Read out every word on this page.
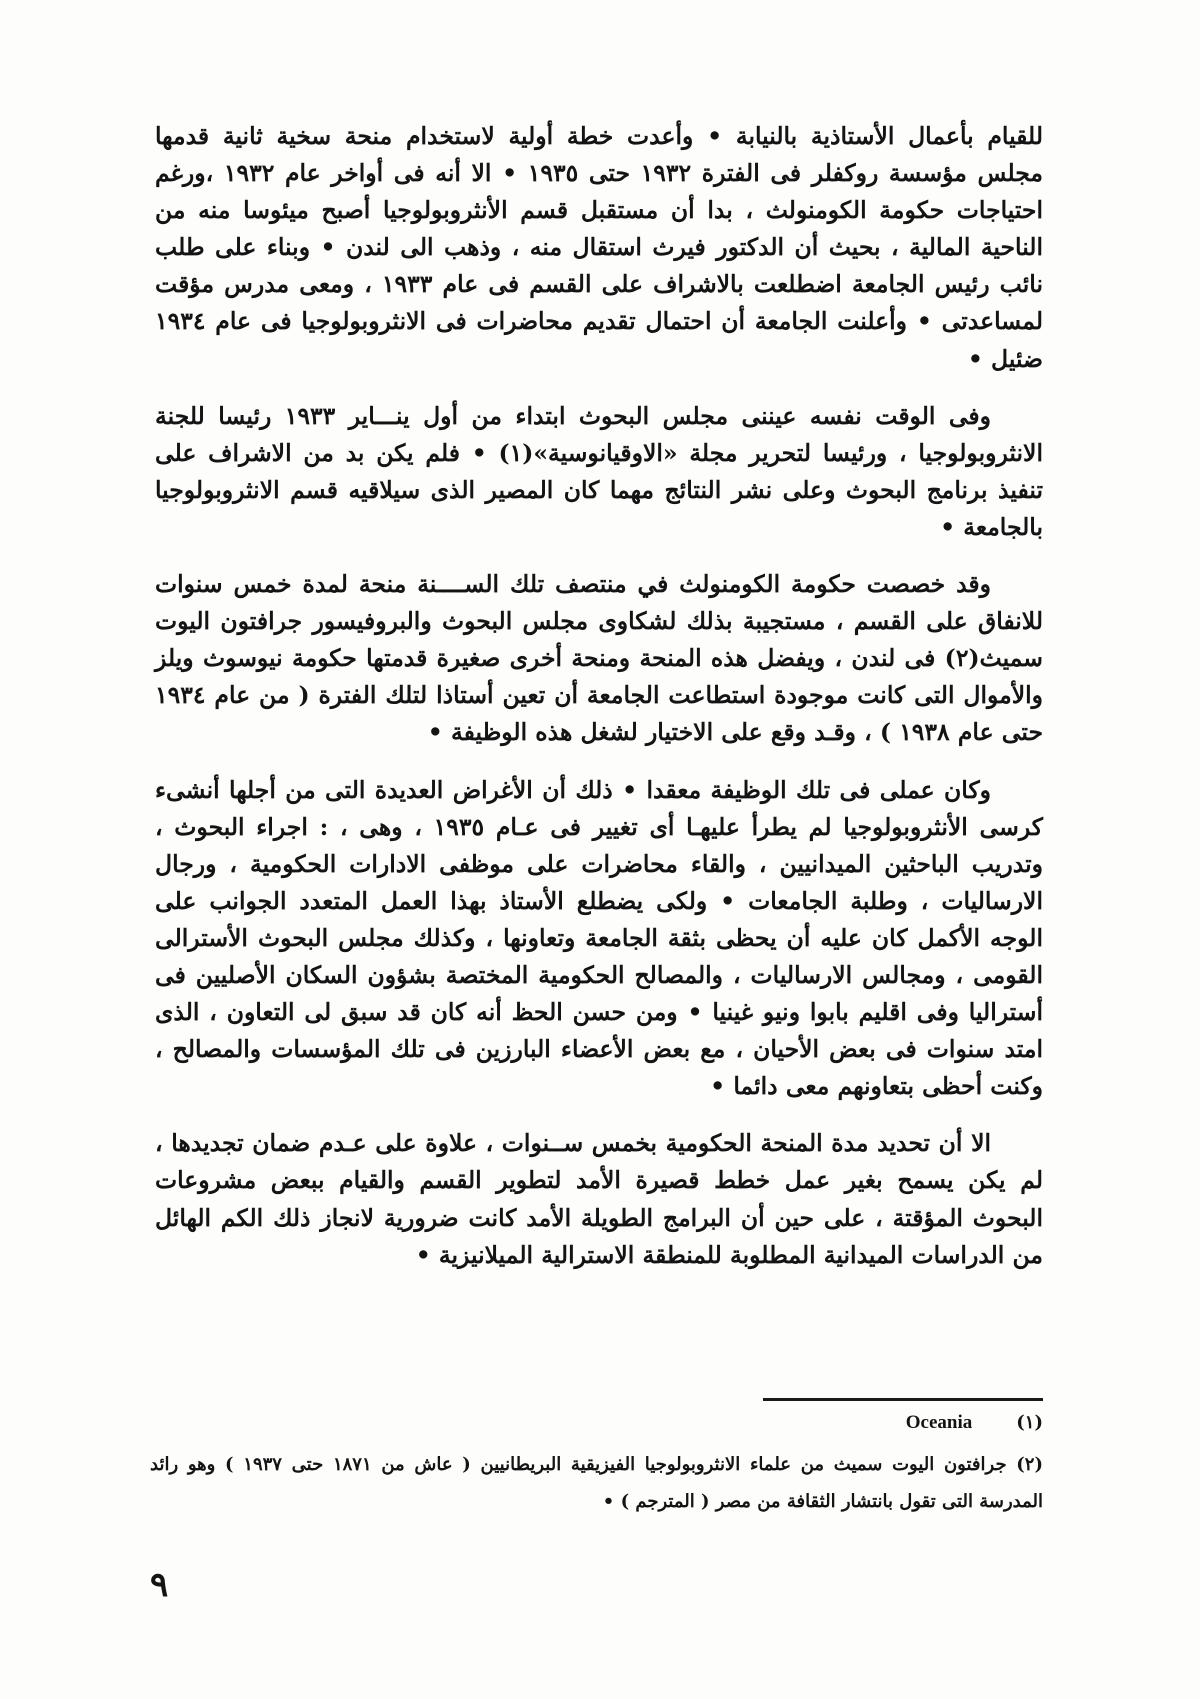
للقيام بأعمال الأستاذية بالنيابة • وأعدت خطة أولية لاستخدام منحة سخية ثانية قدمها مجلس مؤسسة روكفلر فى الفترة ١٩٣٢ حتى ١٩٣٥ • الا أنه فى أواخر عام ١٩٣٢ ،ورغم احتياجات حكومة الكومنولث ، بدا أن مستقبل قسم الأنثروبولوجيا أصبح ميئوسا منه من الناحية المالية ، بحيث أن الدكتور فيرث استقال منه ، وذهب الى لندن • وبناء على طلب نائب رئيس الجامعة اضطلعت بالاشراف على القسم فى عام ١٩٣٣ ، ومعى مدرس مؤقت لمساعدتى • وأعلنت الجامعة أن احتمال تقديم محاضرات فى الانثروبولوجيا فى عام ١٩٣٤ ضئيل •

وفى الوقت نفسه عيننى مجلس البحوث ابتداء من أول ينـــاير ١٩٣٣ رئيسا للجنة الانثروبولوجيا ، ورئيسا لتحرير مجلة «الاوقيانوسية»(١) • فلم يكن بد من الاشراف على تنفيذ برنامج البحوث وعلى نشر النتائج مهما كان المصير الذى سيلاقيه قسم الانثروبولوجيا بالجامعة •

وقد خصصت حكومة الكومنولث في منتصف تلك الســــنة منحة لمدة خمس سنوات للانفاق على القسم ، مستجيبة بذلك لشكاوى مجلس البحوث والبروفيسور جرافتون اليوت سميث(٢) فى لندن ، ويفضل هذه المنحة ومنحة أخرى صغيرة قدمتها حكومة نيوسوث ويلز والأموال التى كانت موجودة استطاعت الجامعة أن تعين أستاذا لتلك الفترة ( من عام ١٩٣٤ حتى عام ١٩٣٨ ) ، وقـد وقع على الاختيار لشغل هذه الوظيفة •

وكان عملى فى تلك الوظيفة معقدا • ذلك أن الأغراض العديدة التى من أجلها أنشىء كرسى الأنثروبولوجيا لم يطرأ عليهـا أى تغيير فى عـام ١٩٣٥ ، وهى ، : اجراء البحوث ، وتدريب الباحثين الميدانيين ، والقاء محاضرات على موظفى الادارات الحكومية ، ورجال الارساليات ، وطلبة الجامعات • ولكى يضطلع الأستاذ بهذا العمل المتعدد الجوانب على الوجه الأكمل كان عليه أن يحظى بثقة الجامعة وتعاونها ، وكذلك مجلس البحوث الأسترالى القومى ، ومجالس الارساليات ، والمصالح الحكومية المختصة بشؤون السكان الأصليين فى أستراليا وفى اقليم بابوا ونيو غينيا • ومن حسن الحظ أنه كان قد سبق لى التعاون ، الذى امتد سنوات فى بعض الأحيان ، مع بعض الأعضاء البارزين فى تلك المؤسسات والمصالح ، وكنت أحظى بتعاونهم معى دائما •

الا أن تحديد مدة المنحة الحكومية بخمس ســنوات ، علاوة على عـدم ضمان تجديدها ، لم يكن يسمح بغير عمل خطط قصيرة الأمد لتطوير القسم والقيام ببعض مشروعات البحوث المؤقتة ، على حين أن البرامج الطويلة الأمد كانت ضرورية لانجاز ذلك الكم الهائل من الدراسات الميدانية المطلوبة للمنطقة الاسترالية الميلانيزية •

(١)
Oceania

(٢) جرافتون اليوت سميث من علماء الانثروبولوجيا الفيزيقية البريطانيين ( عاش من ١٨٧١ حتى ١٩٣٧ ) وهو رائد المدرسة التى تقول بانتشار الثقافة من مصر ( المترجم ) •

٩
